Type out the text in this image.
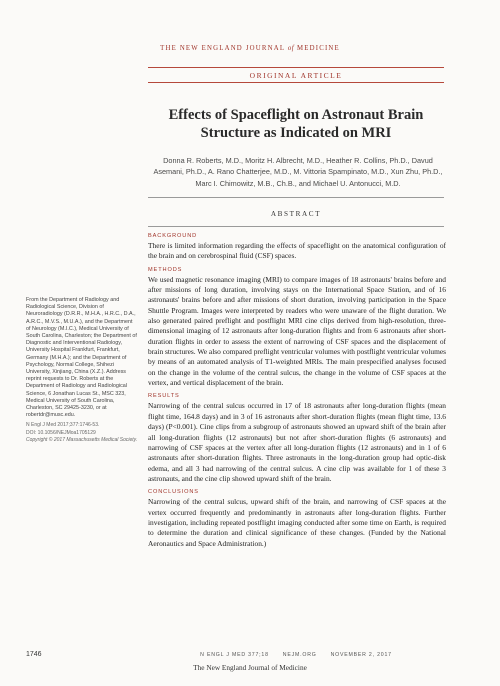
THE NEW ENGLAND JOURNAL of MEDICINE
ORIGINAL ARTICLE
Effects of Spaceflight on Astronaut Brain Structure as Indicated on MRI

Donna R. Roberts, M.D., Moritz H. Albrecht, M.D., Heather R. Collins, Ph.D., Davud Asemani, Ph.D., A. Rano Chatterjee, M.D., M. Vittoria Spampinato, M.D., Xun Zhu, Ph.D., Marc I. Chimowitz, M.B., Ch.B., and Michael U. Antonucci, M.D.

ABSTRACT

BACKGROUND

There is limited information regarding the effects of spaceflight on the anatomical configuration of the brain and on cerebrospinal fluid (CSF) spaces.

METHODS

We used magnetic resonance imaging (MRI) to compare images of 18 astronauts' brains before and after missions of long duration, involving stays on the International Space Station, and of 16 astronauts' brains before and after missions of short duration, involving participation in the Space Shuttle Program. Images were interpreted by readers who were unaware of the flight duration. We also generated paired preflight and postflight MRI cine clips derived from high-resolution, three-dimensional imaging of 12 astronauts after long-duration flights and from 6 astronauts after short-duration flights in order to assess the extent of narrowing of CSF spaces and the displacement of brain structures. We also compared preflight ventricular volumes with postflight ventricular volumes by means of an automated analysis of T1-weighted MRIs. The main prespecified analyses focused on the change in the volume of the central sulcus, the change in the volume of CSF spaces at the vertex, and vertical displacement of the brain.

RESULTS

Narrowing of the central sulcus occurred in 17 of 18 astronauts after long-duration flights (mean flight time, 164.8 days) and in 3 of 16 astronauts after short-duration flights (mean flight time, 13.6 days) (P<0.001). Cine clips from a subgroup of astronauts showed an upward shift of the brain after all long-duration flights (12 astronauts) but not after short-duration flights (6 astronauts) and narrowing of CSF spaces at the vertex after all long-duration flights (12 astronauts) and in 1 of 6 astronauts after short-duration flights. Three astronauts in the long-duration group had optic-disk edema, and all 3 had narrowing of the central sulcus. A cine clip was available for 1 of these 3 astronauts, and the cine clip showed upward shift of the brain.

CONCLUSIONS

Narrowing of the central sulcus, upward shift of the brain, and narrowing of CSF spaces at the vertex occurred frequently and predominantly in astronauts after long-duration flights. Further investigation, including repeated postflight imaging conducted after some time on Earth, is required to determine the duration and clinical significance of these changes. (Funded by the National Aeronautics and Space Administration.)

From the Department of Radiology and Radiological Science, Division of Neuroradiology (D.R.R., M.H.A., H.R.C., D.A., A.R.C., M.V.S., M.U.A.), and the Department of Neurology (M.I.C.), Medical University of South Carolina, Charleston; the Department of Diagnostic and Interventional Radiology, University Hospital Frankfurt, Frankfurt, Germany (M.H.A.); and the Department of Psychology, Normal College, Shihezi University, Xinjiang, China (X.Z.). Address reprint requests to Dr. Roberts at the Department of Radiology and Radiological Science, 6 Jonathan Lucas St., MSC 323, Medical University of South Carolina, Charleston, SC 29425-3230, or at robertdr@musc.edu.

N Engl J Med 2017;377:1746-53.

DOI: 10.1056/NEJMoa1705129

Copyright © 2017 Massachusetts Medical Society.

1746	N ENGL J MED 377;18	NEJM.ORG	NOVEMBER 2, 2017
The New England Journal of Medicine
